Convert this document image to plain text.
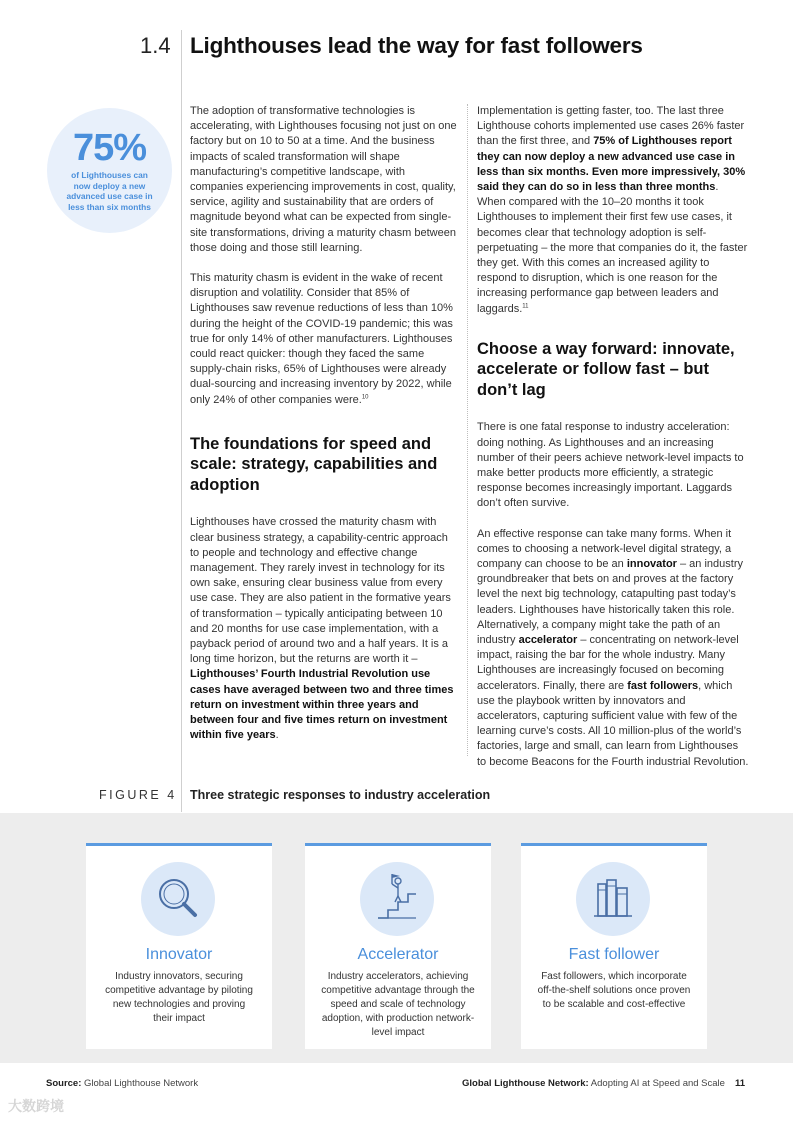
1.4 Lighthouses lead the way for fast followers
75%
of Lighthouses can now deploy a new advanced use case in less than six months

The adoption of transformative technologies is accelerating, with Lighthouses focusing not just on one factory but on 10 to 50 at a time. And the business impacts of scaled transformation will shape manufacturing’s competitive landscape, with companies experiencing improvements in cost, quality, service, agility and sustainability that are orders of magnitude beyond what can be expected from single-site transformations, driving a maturity chasm between those doing and those still learning.

This maturity chasm is evident in the wake of recent disruption and volatility. Consider that 85% of Lighthouses saw revenue reductions of less than 10% during the height of the COVID-19 pandemic; this was true for only 14% of other manufacturers. Lighthouses could react quicker: though they faced the same supply-chain risks, 65% of Lighthouses were already dual-sourcing and increasing inventory by 2022, while only 24% of other companies were.$^{10}$

The foundations for speed and scale: strategy, capabilities and adoption

Lighthouses have crossed the maturity chasm with clear business strategy, a capability-centric approach to people and technology and effective change management. They rarely invest in technology for its own sake, ensuring clear business value from every use case. They are also patient in the formative years of transformation – typically anticipating between 10 and 20 months for use case implementation, with a payback period of around two and a half years. It is a long time horizon, but the returns are worth it – Lighthouses’ Fourth Industrial Revolution use cases have averaged between two and three times return on investment within three years and between four and five times return on investment within five years.

Implementation is getting faster, too. The last three Lighthouse cohorts implemented use cases 26% faster than the first three, and 75% of Lighthouses report they can now deploy a new advanced use case in less than six months. Even more impressively, 30% said they can do so in less than three months. When compared with the 10–20 months it took Lighthouses to implement their first few use cases, it becomes clear that technology adoption is self-perpetuating – the more that companies do it, the faster they get. With this comes an increased agility to respond to disruption, which is one reason for the increasing performance gap between leaders and laggards.$^{11}$

Choose a way forward: innovate, accelerate or follow fast – but don’t lag

There is one fatal response to industry acceleration: doing nothing. As Lighthouses and an increasing number of their peers achieve network-level impacts to make better products more efficiently, a strategic response becomes increasingly important. Laggards don’t often survive.

An effective response can take many forms. When it comes to choosing a network-level digital strategy, a company can choose to be an innovator – an industry groundbreaker that bets on and proves at the factory level the next big technology, catapulting past today’s leaders. Lighthouses have historically taken this role. Alternatively, a company might take the path of an industry accelerator – concentrating on network-level impact, raising the bar for the whole industry. Many Lighthouses are increasingly focused on becoming accelerators. Finally, there are fast followers, which use the playbook written by innovators and accelerators, capturing sufficient value with few of the learning curve’s costs. All 10 million-plus of the world’s factories, large and small, can learn from Lighthouses to become Beacons for the Fourth industrial Revolution.

FIGURE 4 Three strategic responses to industry acceleration
Innovator
Industry innovators, securing competitive advantage by piloting new technologies and proving their impact
Accelerator
Industry accelerators, achieving competitive advantage through the speed and scale of technology adoption, with production network-level impact
Fast follower
Fast followers, which incorporate off-the-shelf solutions once proven to be scalable and cost-effective
Source: Global Lighthouse Network	Global Lighthouse Network: Adopting AI at Speed and Scale 11
大数跨境
